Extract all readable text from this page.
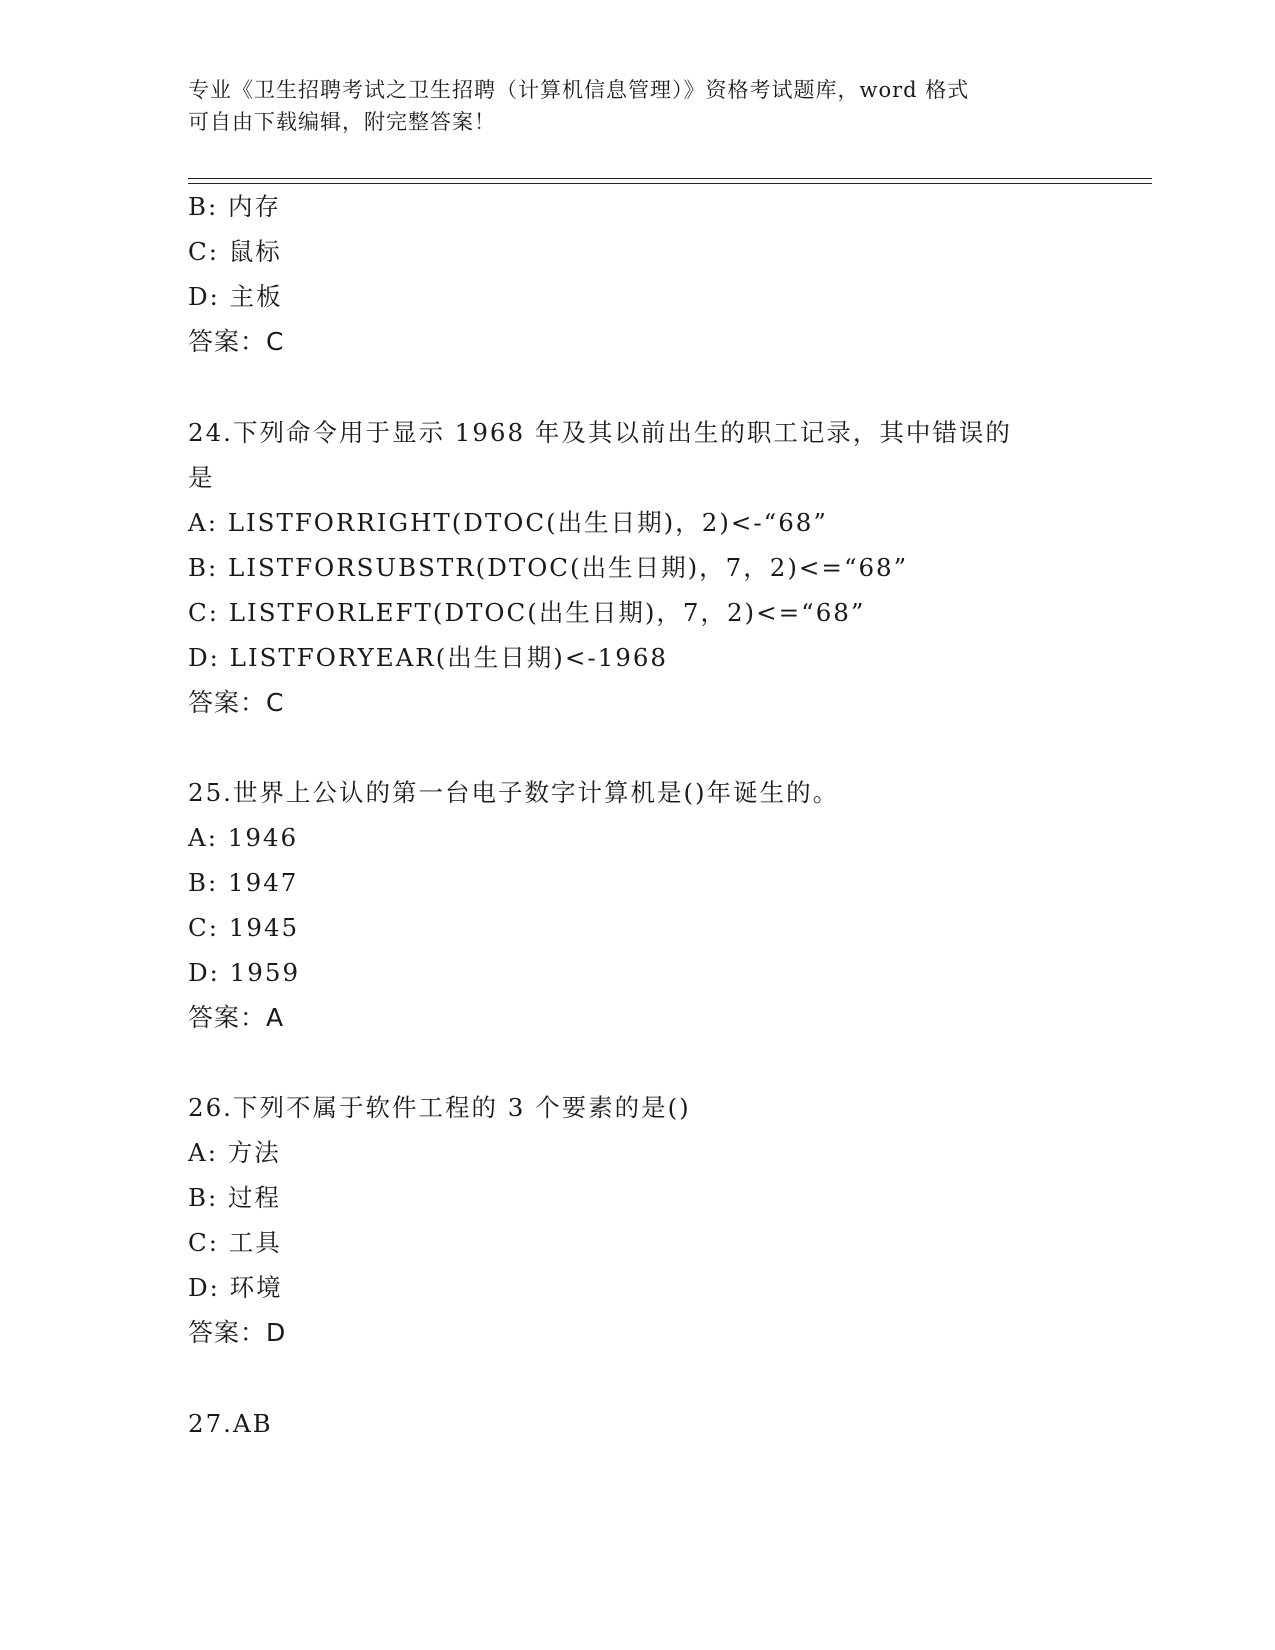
专业《卫生招聘考试之卫生招聘（计算机信息管理）》资格考试题库，word 格式
可自由下载编辑，附完整答案！
B: 内存
C: 鼠标
D: 主板
答案：C
24.下列命令用于显示 1968 年及其以前出生的职工记录，其中错误的
是
A: LISTFORRIGHT(DTOC(出生日期)，2)<-“68”
B: LISTFORSUBSTR(DTOC(出生日期)，7，2)<=“68”
C: LISTFORLEFT(DTOC(出生日期)，7，2)<=“68”
D: LISTFORYEAR(出生日期)<-1968
答案：C
25.世界上公认的第一台电子数字计算机是()年诞生的。
A: 1946
B: 1947
C: 1945
D: 1959
答案：A
26.下列不属于软件工程的 3 个要素的是()
A: 方法
B: 过程
C: 工具
D: 环境
答案：D
27.AB
